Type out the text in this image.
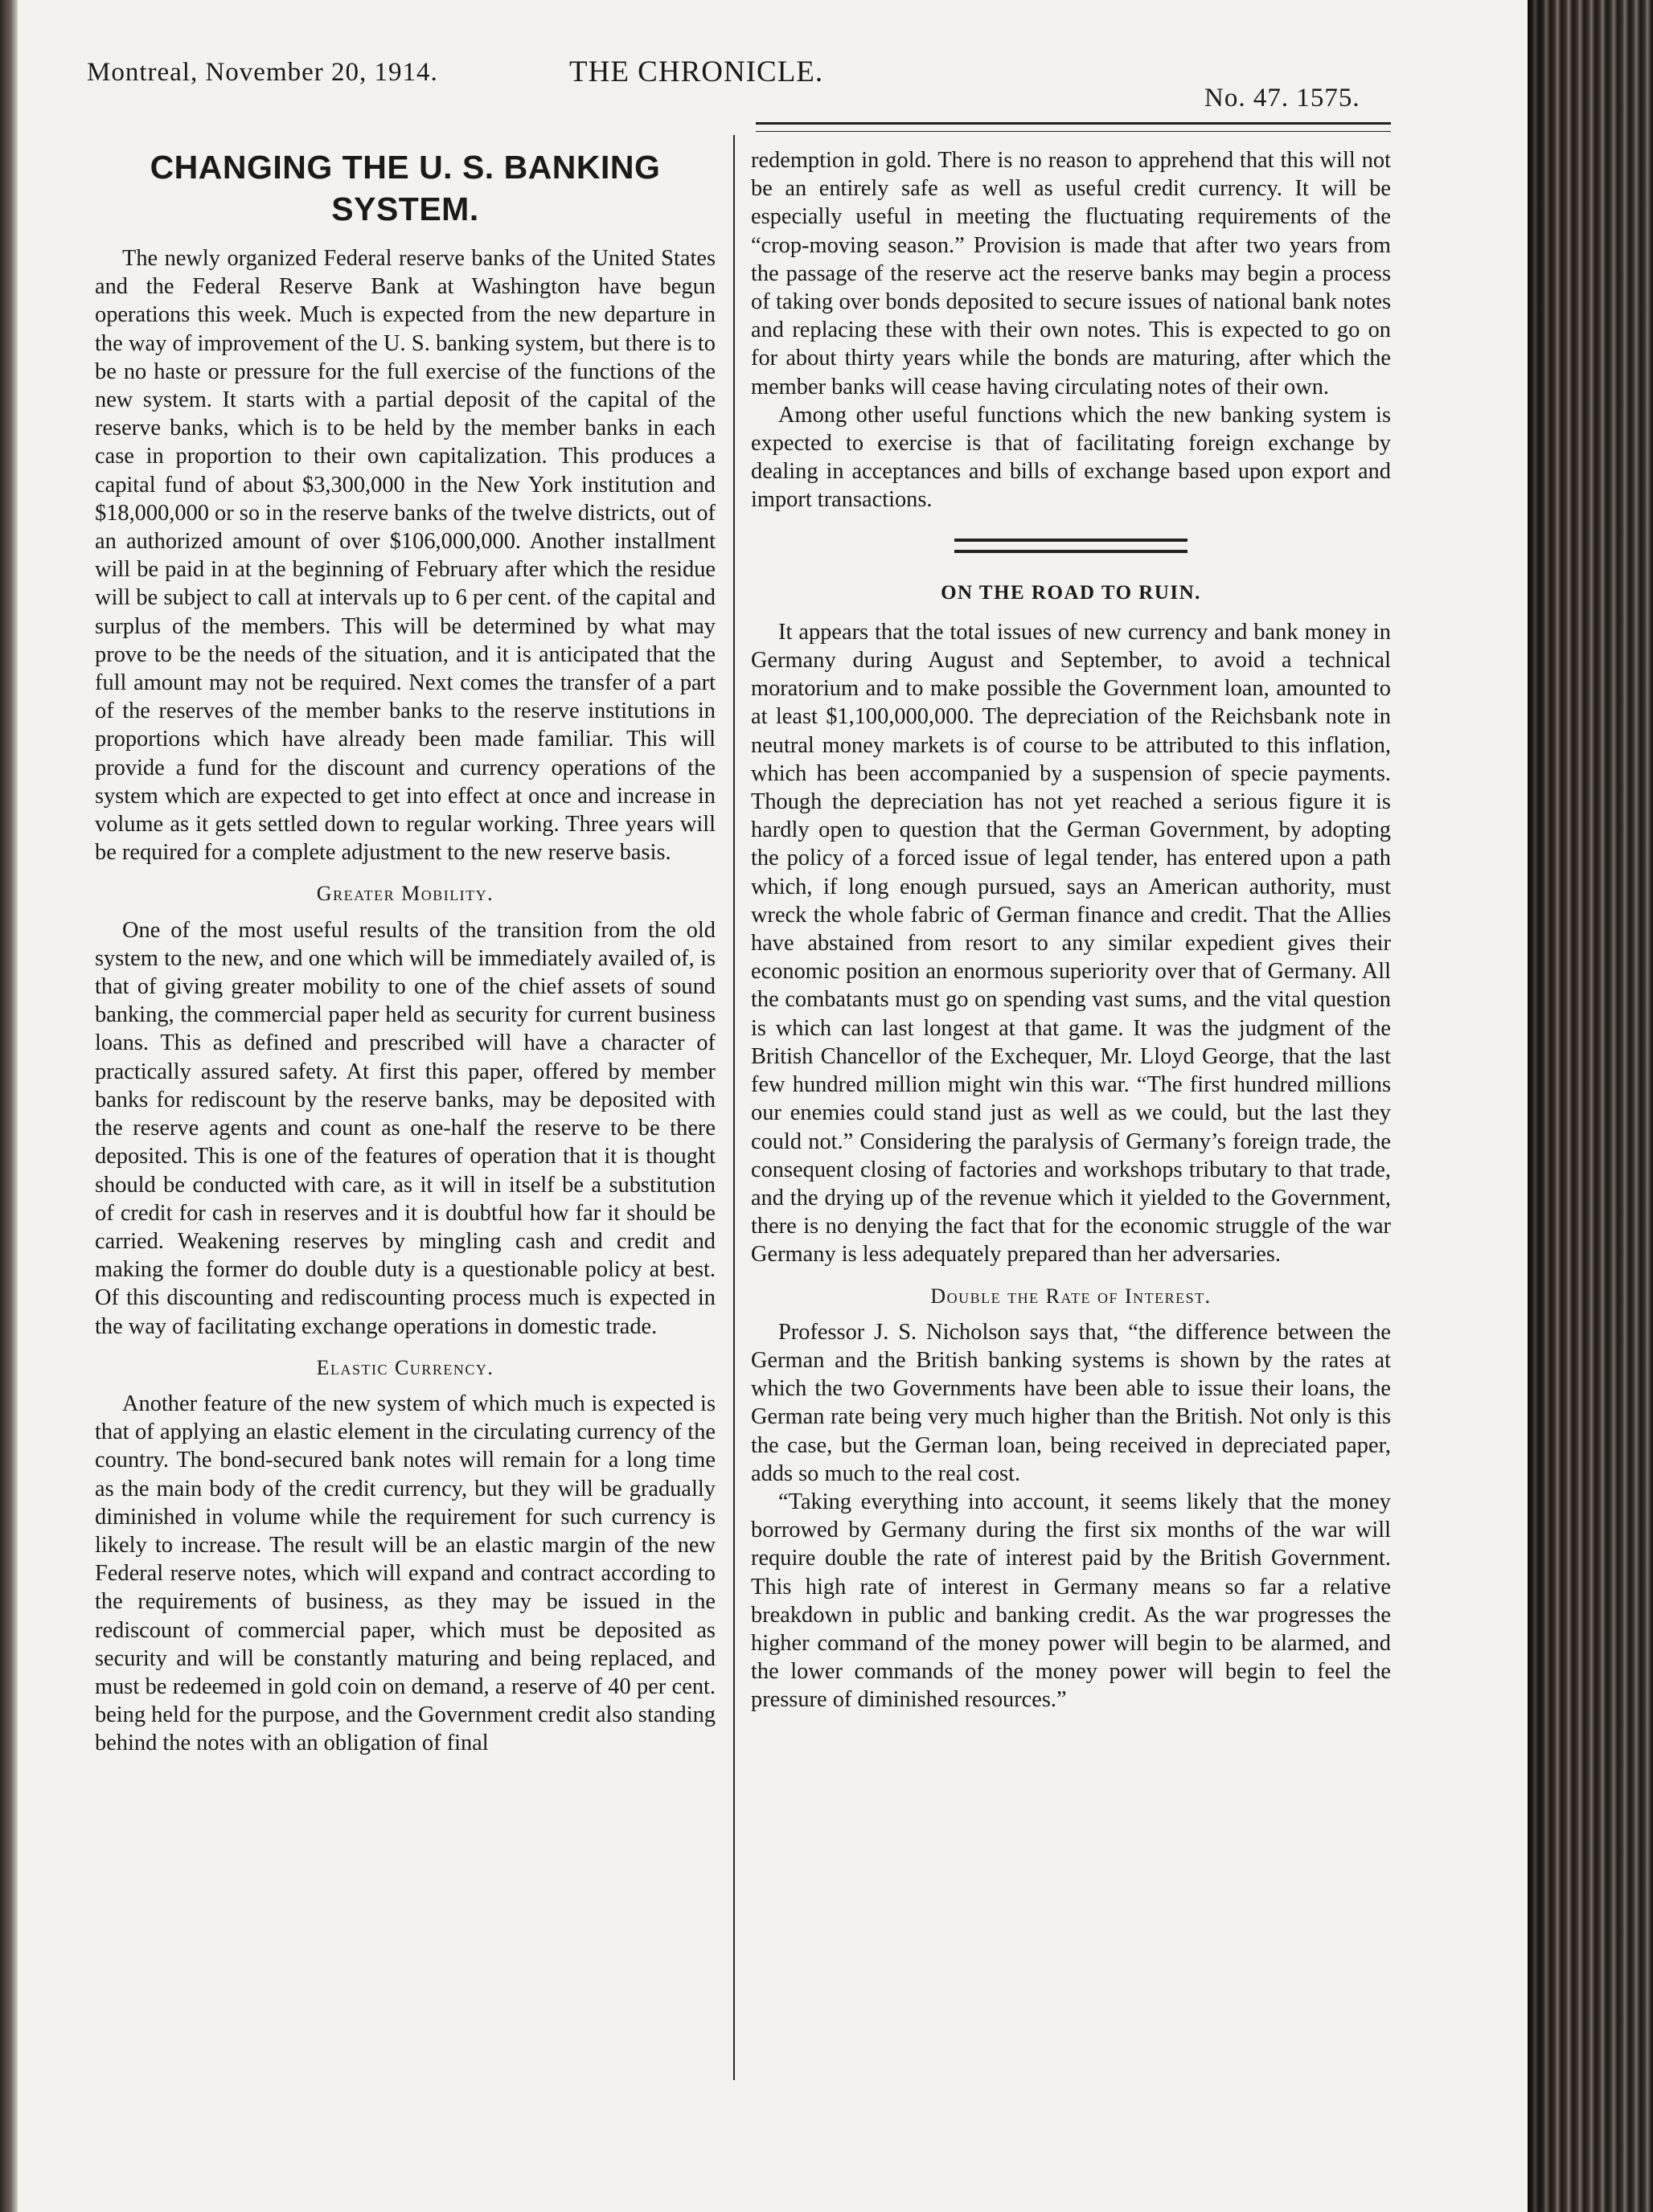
Montreal, November 20, 1914.	THE CHRONICLE.
No. 47. 1575.
CHANGING THE U. S. BANKING SYSTEM.

The newly organized Federal reserve banks of the United States and the Federal Reserve Bank at Washington have begun operations this week. Much is expected from the new departure in the way of improvement of the U. S. banking system, but there is to be no haste or pressure for the full exercise of the functions of the new system. It starts with a partial deposit of the capital of the reserve banks, which is to be held by the member banks in each case in proportion to their own capitalization. This produces a capital fund of about $3,300,000 in the New York institution and $18,000,000 or so in the reserve banks of the twelve districts, out of an authorized amount of over $106,000,000. Another installment will be paid in at the beginning of February after which the residue will be subject to call at intervals up to 6 per cent. of the capital and surplus of the members. This will be determined by what may prove to be the needs of the situation, and it is anticipated that the full amount may not be required. Next comes the transfer of a part of the reserves of the member banks to the reserve institutions in proportions which have already been made familiar. This will provide a fund for the discount and currency operations of the system which are expected to get into effect at once and increase in volume as it gets settled down to regular working. Three years will be required for a complete adjustment to the new reserve basis.

Greater Mobility.

One of the most useful results of the transition from the old system to the new, and one which will be immediately availed of, is that of giving greater mobility to one of the chief assets of sound banking, the commercial paper held as security for current business loans. This as defined and prescribed will have a character of practically assured safety. At first this paper, offered by member banks for rediscount by the reserve banks, may be deposited with the reserve agents and count as one-half the reserve to be there deposited. This is one of the features of operation that it is thought should be conducted with care, as it will in itself be a substitution of credit for cash in reserves and it is doubtful how far it should be carried. Weakening reserves by mingling cash and credit and making the former do double duty is a questionable policy at best. Of this discounting and rediscounting process much is expected in the way of facilitating exchange operations in domestic trade.

Elastic Currency.

Another feature of the new system of which much is expected is that of applying an elastic element in the circulating currency of the country. The bond-secured bank notes will remain for a long time as the main body of the credit currency, but they will be gradually diminished in volume while the requirement for such currency is likely to increase. The result will be an elastic margin of the new Federal reserve notes, which will expand and contract according to the requirements of business, as they may be issued in the rediscount of commercial paper, which must be deposited as security and will be constantly maturing and being replaced, and must be redeemed in gold coin on demand, a reserve of 40 per cent. being held for the purpose, and the Government credit also standing behind the notes with an obligation of final

redemption in gold. There is no reason to apprehend that this will not be an entirely safe as well as useful credit currency. It will be especially useful in meeting the fluctuating requirements of the “crop-moving season.” Provision is made that after two years from the passage of the reserve act the reserve banks may begin a process of taking over bonds deposited to secure issues of national bank notes and replacing these with their own notes. This is expected to go on for about thirty years while the bonds are maturing, after which the member banks will cease having circulating notes of their own.

Among other useful functions which the new banking system is expected to exercise is that of facilitating foreign exchange by dealing in acceptances and bills of exchange based upon export and import transactions.

ON THE ROAD TO RUIN.

It appears that the total issues of new currency and bank money in Germany during August and September, to avoid a technical moratorium and to make possible the Government loan, amounted to at least $1,100,000,000. The depreciation of the Reichsbank note in neutral money markets is of course to be attributed to this inflation, which has been accompanied by a suspension of specie payments. Though the depreciation has not yet reached a serious figure it is hardly open to question that the German Government, by adopting the policy of a forced issue of legal tender, has entered upon a path which, if long enough pursued, says an American authority, must wreck the whole fabric of German finance and credit. That the Allies have abstained from resort to any similar expedient gives their economic position an enormous superiority over that of Germany. All the combatants must go on spending vast sums, and the vital question is which can last longest at that game. It was the judgment of the British Chancellor of the Exchequer, Mr. Lloyd George, that the last few hundred million might win this war. “The first hundred millions our enemies could stand just as well as we could, but the last they could not.” Considering the paralysis of Germany’s foreign trade, the consequent closing of factories and workshops tributary to that trade, and the drying up of the revenue which it yielded to the Government, there is no denying the fact that for the economic struggle of the war Germany is less adequately prepared than her adversaries.

Double the Rate of Interest.

Professor J. S. Nicholson says that, “the difference between the German and the British banking systems is shown by the rates at which the two Governments have been able to issue their loans, the German rate being very much higher than the British. Not only is this the case, but the German loan, being received in depreciated paper, adds so much to the real cost.

“Taking everything into account, it seems likely that the money borrowed by Germany during the first six months of the war will require double the rate of interest paid by the British Government. This high rate of interest in Germany means so far a relative breakdown in public and banking credit. As the war progresses the higher command of the money power will begin to be alarmed, and the lower commands of the money power will begin to feel the pressure of diminished resources.”
